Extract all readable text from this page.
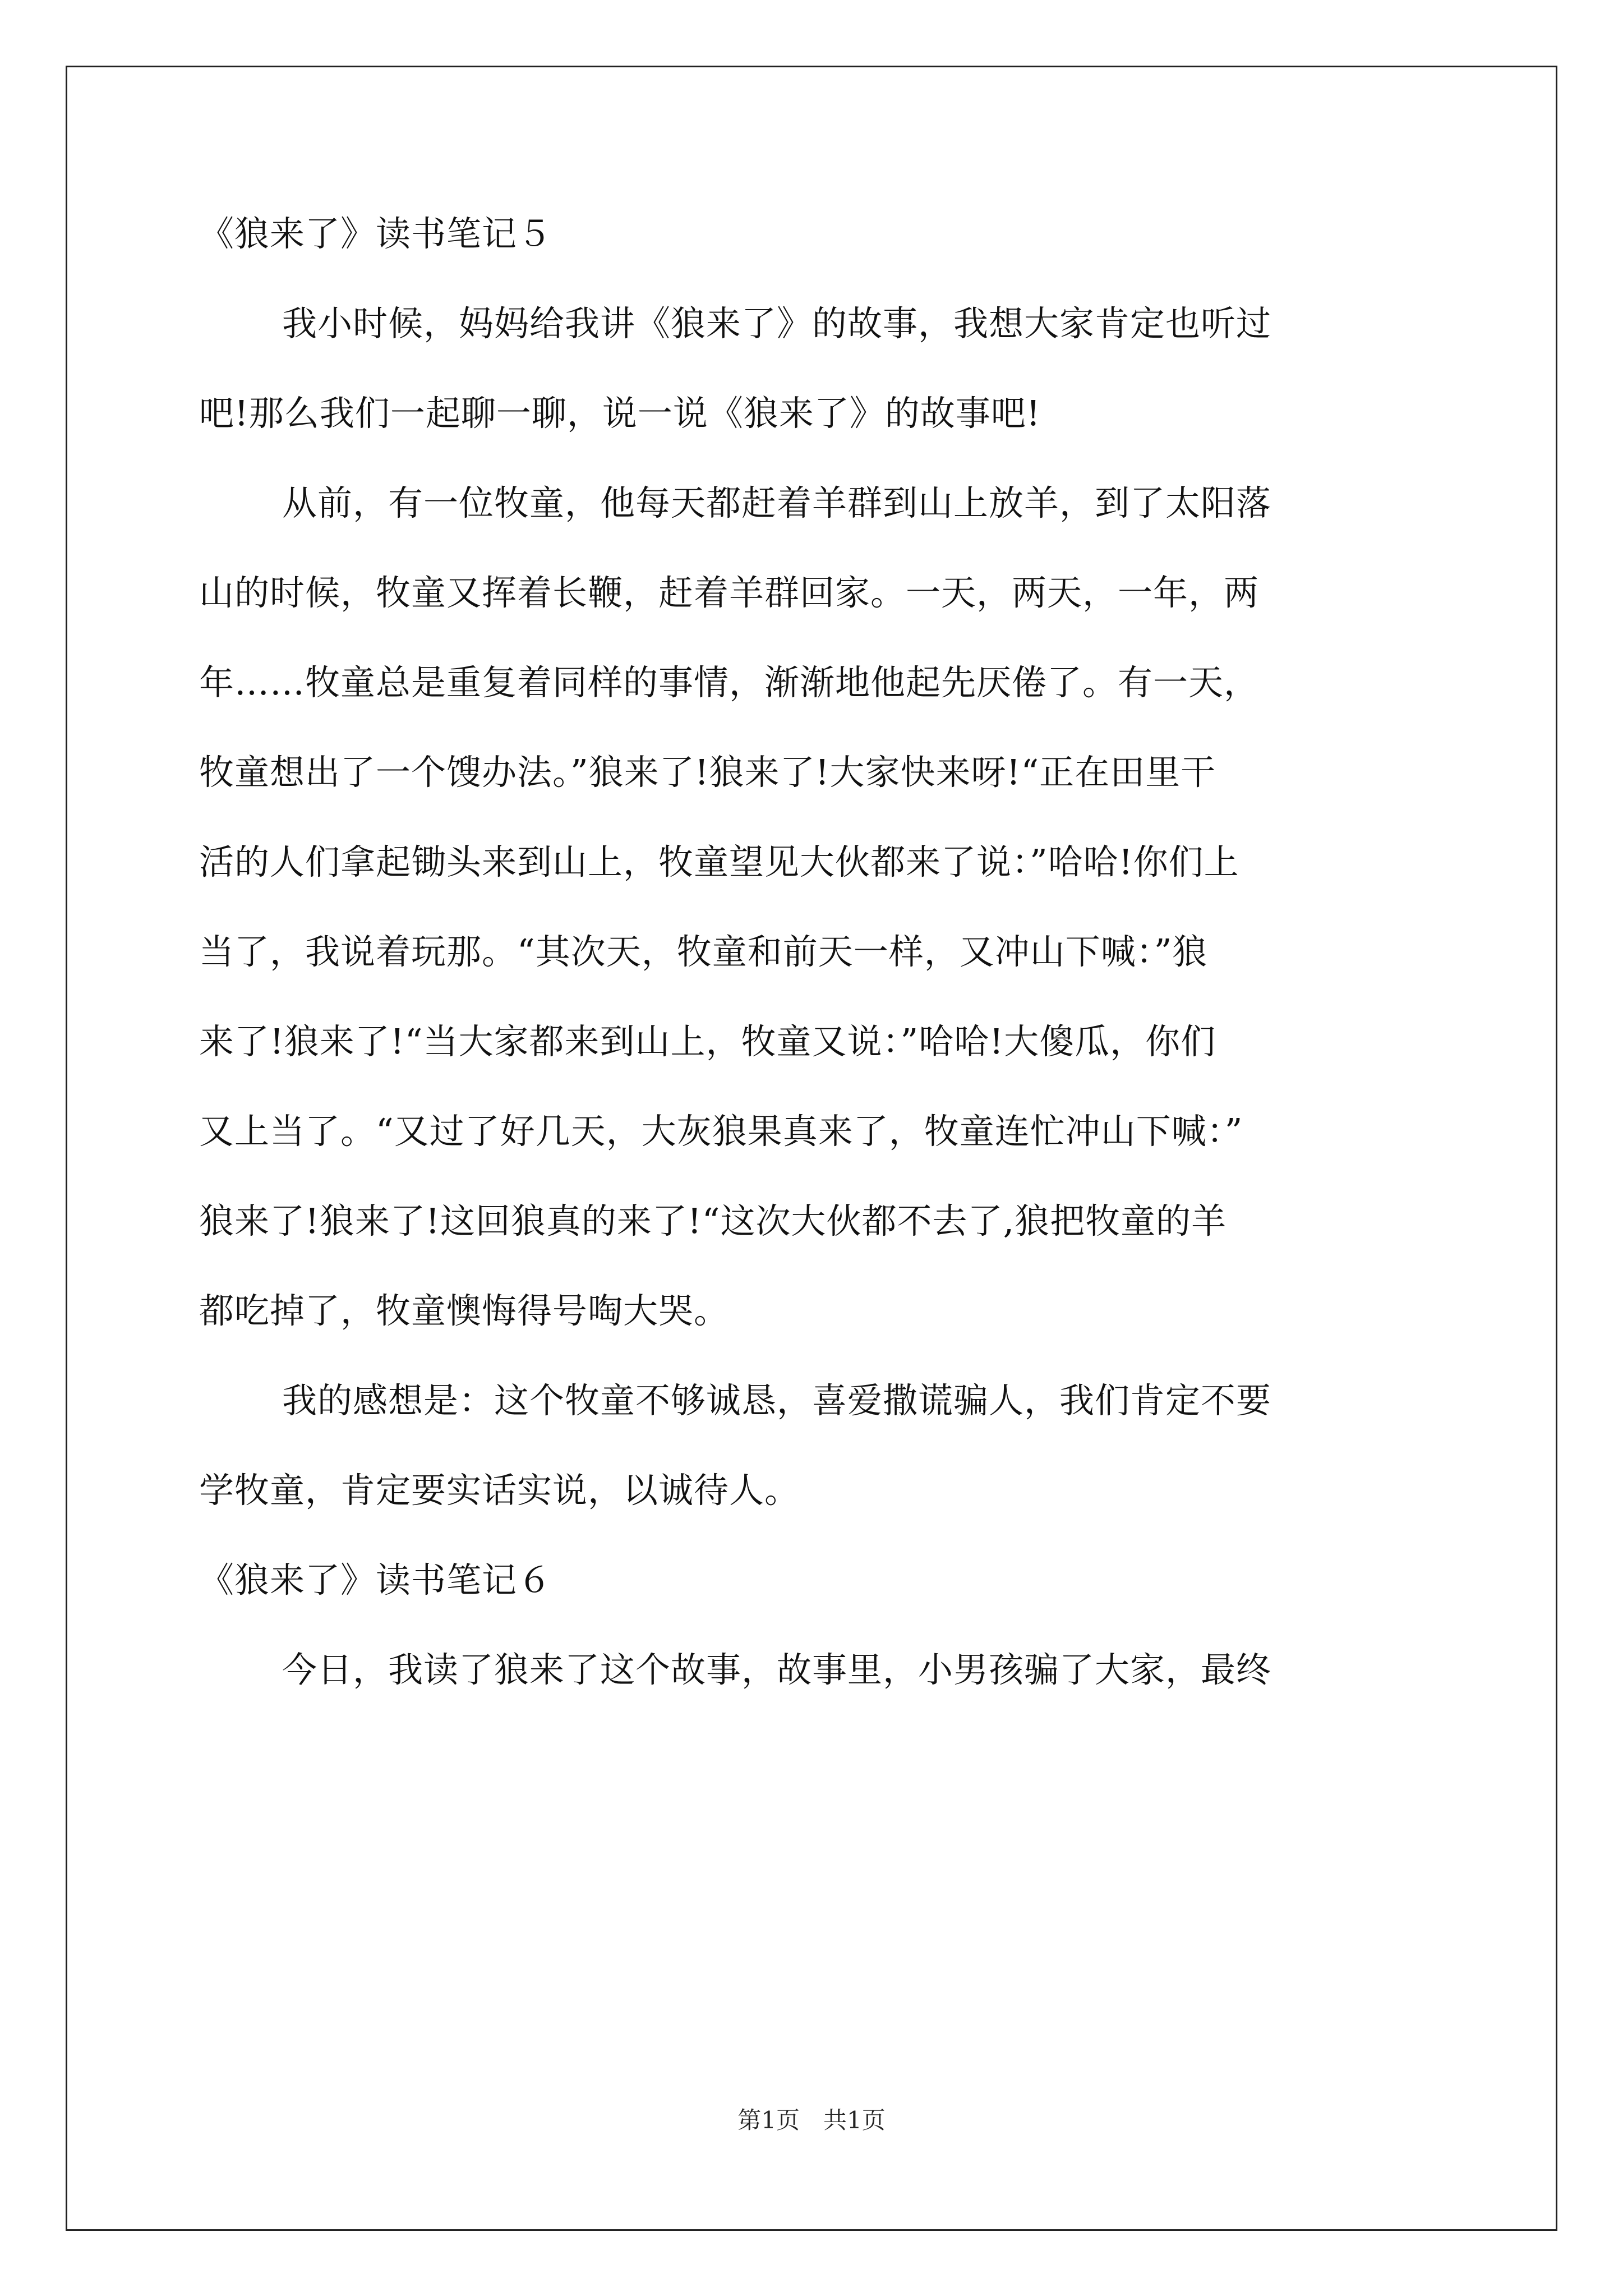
《狼来了》读书笔记５
我小时候，妈妈给我讲《狼来了》的故事，我想大家肯定也听过
吧!那么我们一起聊一聊，说一说《狼来了》的故事吧!
从前，有一位牧童，他每天都赶着羊群到山上放羊，到了太阳落
山的时候，牧童又挥着长鞭，赶着羊群回家。一天，两天，一年，两
年……牧童总是重复着同样的事情，渐渐地他起先厌倦了。有一天，
牧童想出了一个馊办法。”狼来了!狼来了!大家快来呀!“正在田里干
活的人们拿起锄头来到山上，牧童望见大伙都来了说：”哈哈!你们上
当了，我说着玩那。“其次天，牧童和前天一样，又冲山下喊：”狼
来了!狼来了!“当大家都来到山上，牧童又说：”哈哈!大傻瓜，你们
又上当了。“又过了好几天，大灰狼果真来了，牧童连忙冲山下喊：”
狼来了!狼来了!这回狼真的来了!“这次大伙都不去了,狼把牧童的羊
都吃掉了，牧童懊悔得号啕大哭。
我的感想是：这个牧童不够诚恳，喜爱撒谎骗人，我们肯定不要
学牧童，肯定要实话实说，以诚待人。
《狼来了》读书笔记６
今日，我读了狼来了这个故事，故事里，小男孩骗了大家，最终
第1页　共1页
